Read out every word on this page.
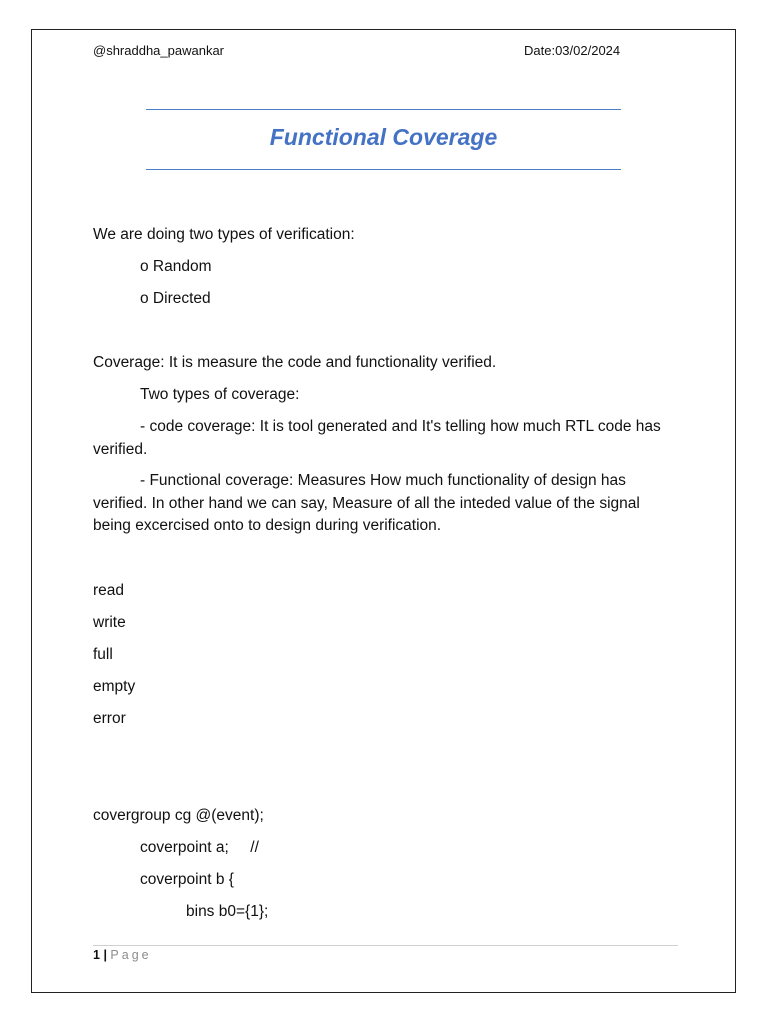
@shraddha_pawankar	Date:03/02/2024
Functional Coverage
We are doing two types of verification:
o Random
o Directed
Coverage: It is measure the code and functionality verified.
Two types of coverage:
- code coverage: It is tool generated and It's telling how much RTL code has verified.
- Functional coverage: Measures How much functionality of design has verified. In other hand we can say, Measure of all the inteded value of the signal being excercised onto to design during verification.
read
write
full
empty
error
covergroup cg @(event);
coverpoint a;     //
coverpoint b {
bins b0={1};
1 | Page
